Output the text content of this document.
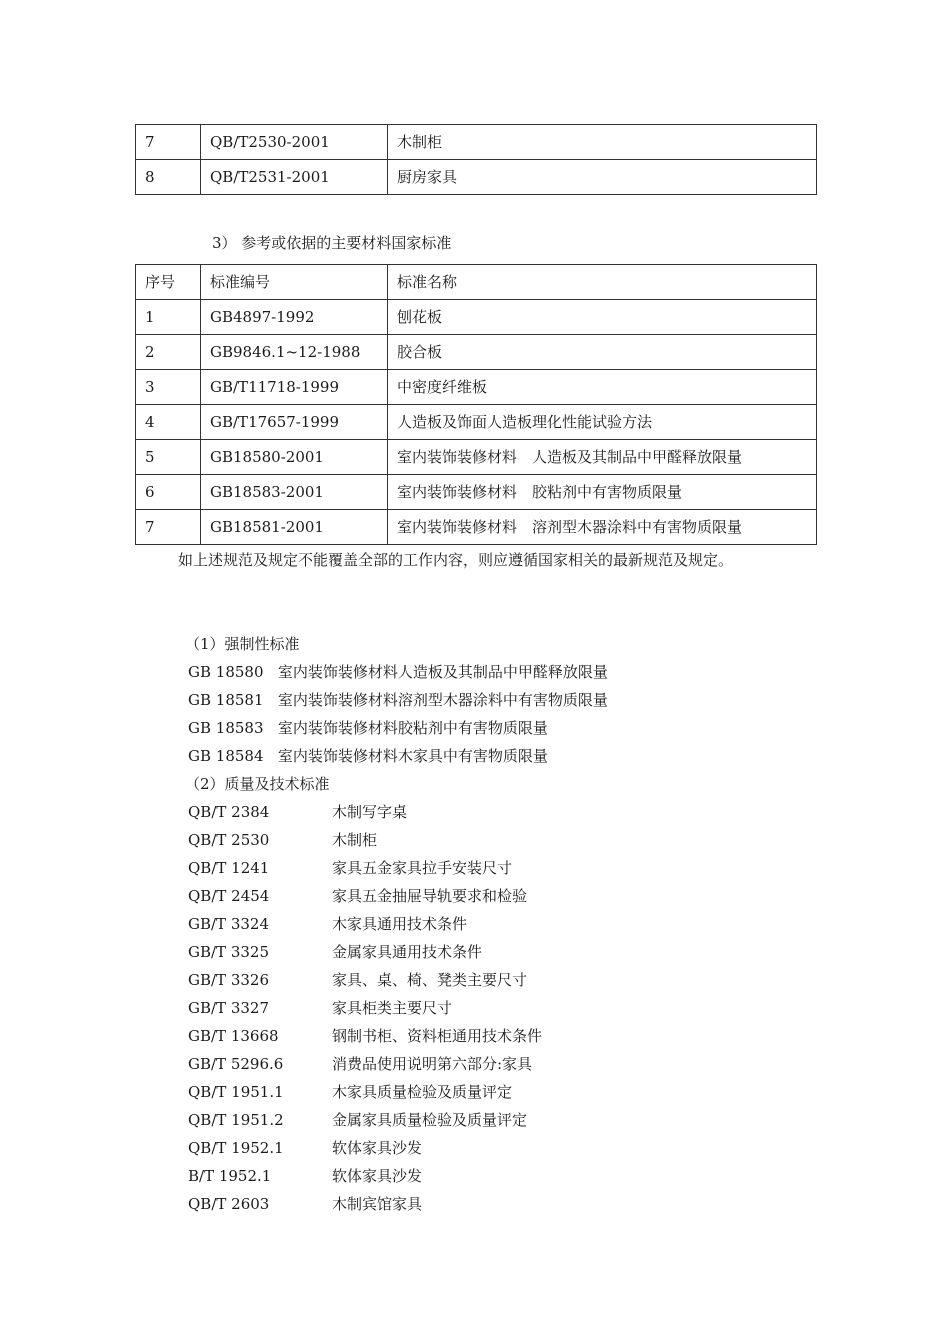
7	QB/T2530-2001	木制柜
8	QB/T2531-2001	厨房家具
3） 参考或依据的主要材料国家标准
序号	标准编号	标准名称
1	GB4897-1992	刨花板
2	GB9846.1~12-1988	胶合板
3	GB/T11718-1999	中密度纤维板
4	GB/T17657-1999	人造板及饰面人造板理化性能试验方法
5	GB18580-2001	室内装饰装修材料　人造板及其制品中甲醛释放限量
6	GB18583-2001	室内装饰装修材料　胶粘剂中有害物质限量
7	GB18581-2001	室内装饰装修材料　溶剂型木器涂料中有害物质限量
如上述规范及规定不能覆盖全部的工作内容，则应遵循国家相关的最新规范及规定。
（1）强制性标准
GB 18580 室内装饰装修材料人造板及其制品中甲醛释放限量
GB 18581 室内装饰装修材料溶剂型木器涂料中有害物质限量
GB 18583 室内装饰装修材料胶粘剂中有害物质限量
GB 18584 室内装饰装修材料木家具中有害物质限量
（2）质量及技术标准
QB/T 2384	木制写字桌
QB/T 2530	木制柜
QB/T 1241	家具五金家具拉手安装尺寸
QB/T 2454	家具五金抽屉导轨要求和检验
GB/T 3324	木家具通用技术条件
GB/T 3325	金属家具通用技术条件
GB/T 3326	家具、桌、椅、凳类主要尺寸
GB/T 3327	家具柜类主要尺寸
GB/T 13668	钢制书柜、资料柜通用技术条件
GB/T 5296.6	消费品使用说明第六部分:家具
QB/T 1951.1	木家具质量检验及质量评定
QB/T 1951.2	金属家具质量检验及质量评定
QB/T 1952.1	软体家具沙发
B/T 1952.1	软体家具沙发
QB/T 2603	木制宾馆家具
